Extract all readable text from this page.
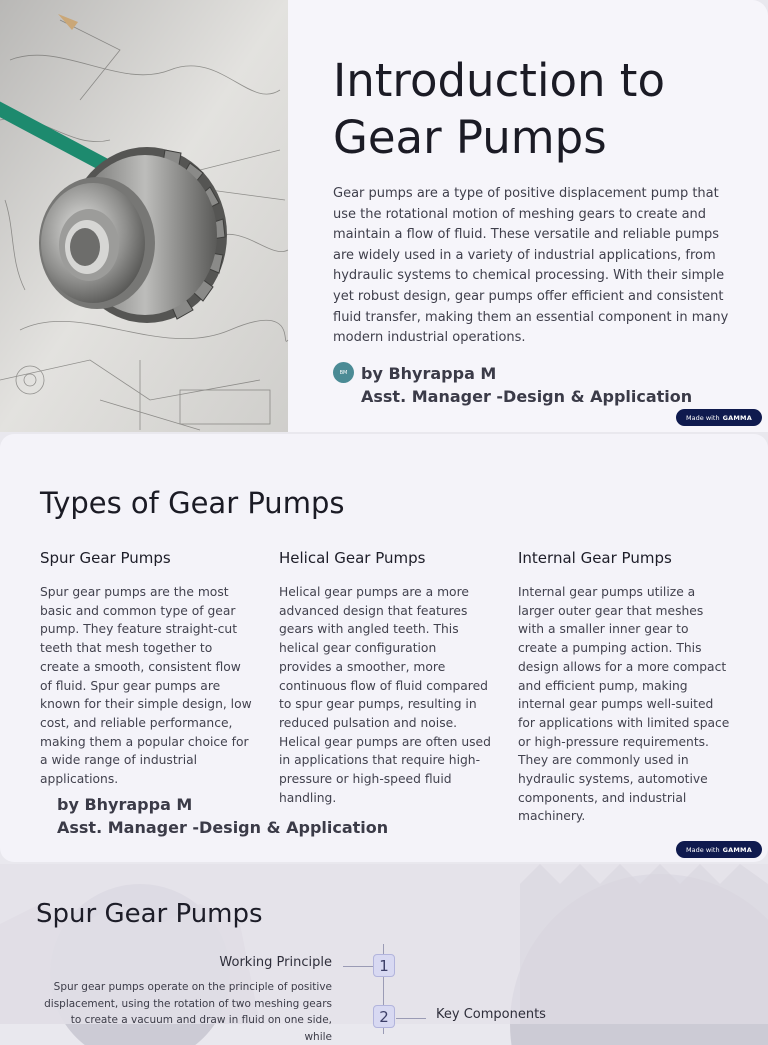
Introduction to Gear Pumps

Gear pumps are a type of positive displacement pump that use the rotational motion of meshing gears to create and maintain a flow of fluid. These versatile and reliable pumps are widely used in a variety of industrial applications, from hydraulic systems to chemical processing. With their simple yet robust design, gear pumps offer efficient and consistent fluid transfer, making them an essential component in many modern industrial operations.

BM by Bhyrappa M
Asst. Manager -Design & Application
Made with GAMMA
Types of Gear Pumps
Spur Gear Pumps

Spur gear pumps are the most basic and common type of gear pump. They feature straight-cut teeth that mesh together to create a smooth, consistent flow of fluid. Spur gear pumps are known for their simple design, low cost, and reliable performance, making them a popular choice for a wide range of industrial applications.

Helical Gear Pumps

Helical gear pumps are a more advanced design that features gears with angled teeth. This helical gear configuration provides a smoother, more continuous flow of fluid compared to spur gear pumps, resulting in reduced pulsation and noise. Helical gear pumps are often used in applications that require high-pressure or high-speed fluid handling.

Internal Gear Pumps

Internal gear pumps utilize a larger outer gear that meshes with a smaller inner gear to create a pumping action. This design allows for a more compact and efficient pump, making internal gear pumps well-suited for applications with limited space or high-pressure requirements. They are commonly used in hydraulic systems, automotive components, and industrial machinery.

by Bhyrappa M
Asst. Manager -Design & Application
Made with GAMMA
Spur Gear Pumps
1
2
Working Principle

Spur gear pumps operate on the principle of positive displacement, using the rotation of two meshing gears to create a vacuum and draw in fluid on one side, while

Key Components
